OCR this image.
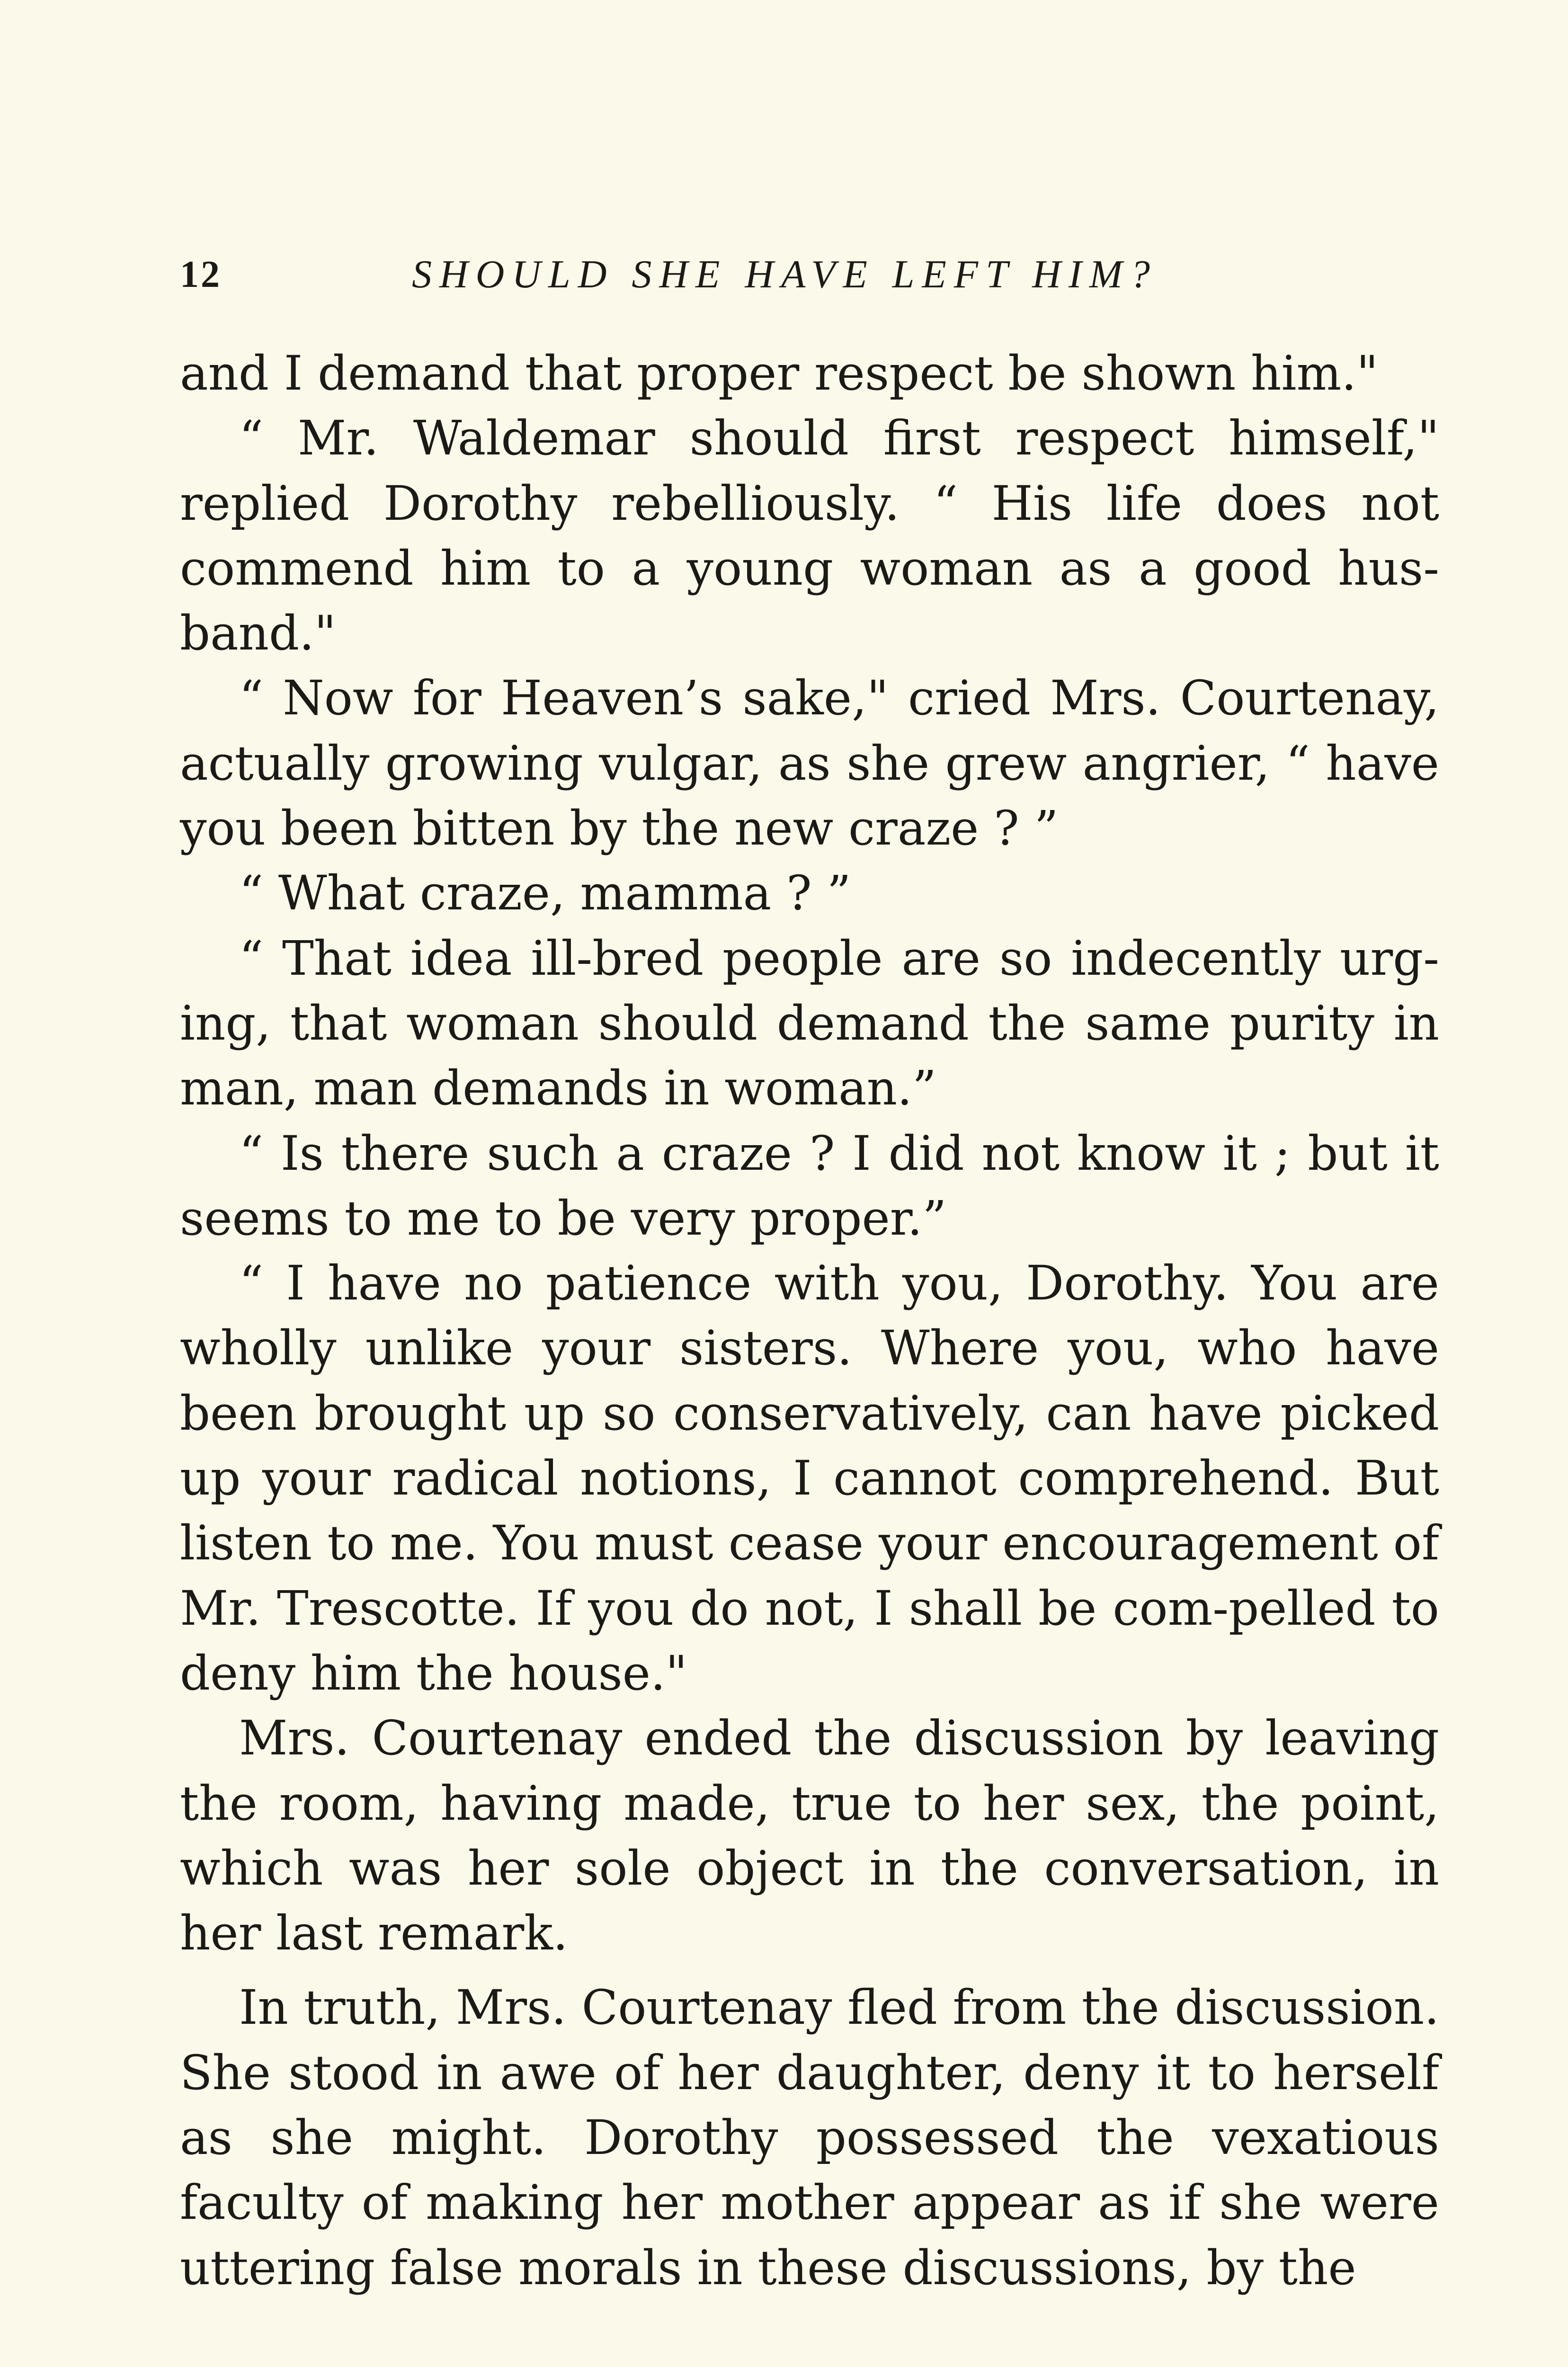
12	SHOULD SHE HAVE LEFT HIM?

and I demand that proper respect be shown him."

“ Mr. Waldemar should first respect himself," replied Dorothy rebelliously. “ His life does not commend him to a young woman as a good hus-band."

“ Now for Heaven’s sake," cried Mrs. Courtenay, actually growing vulgar, as she grew angrier, “ have you been bitten by the new craze ? ”

“ What craze, mamma ? ”

“ That idea ill-bred people are so indecently urg-ing, that woman should demand the same purity in man, man demands in woman.”

“ Is there such a craze ? I did not know it ; but it seems to me to be very proper.”

“ I have no patience with you, Dorothy. You are wholly unlike your sisters. Where you, who have been brought up so conservatively, can have picked up your radical notions, I cannot comprehend. But listen to me. You must cease your encouragement of Mr. Trescotte. If you do not, I shall be com-pelled to deny him the house."

Mrs. Courtenay ended the discussion by leaving the room, having made, true to her sex, the point, which was her sole object in the conversation, in her last remark.

In truth, Mrs. Courtenay fled from the discussion. She stood in awe of her daughter, deny it to herself as she might. Dorothy possessed the vexatious faculty of making her mother appear as if she were uttering false morals in these discussions, by the
